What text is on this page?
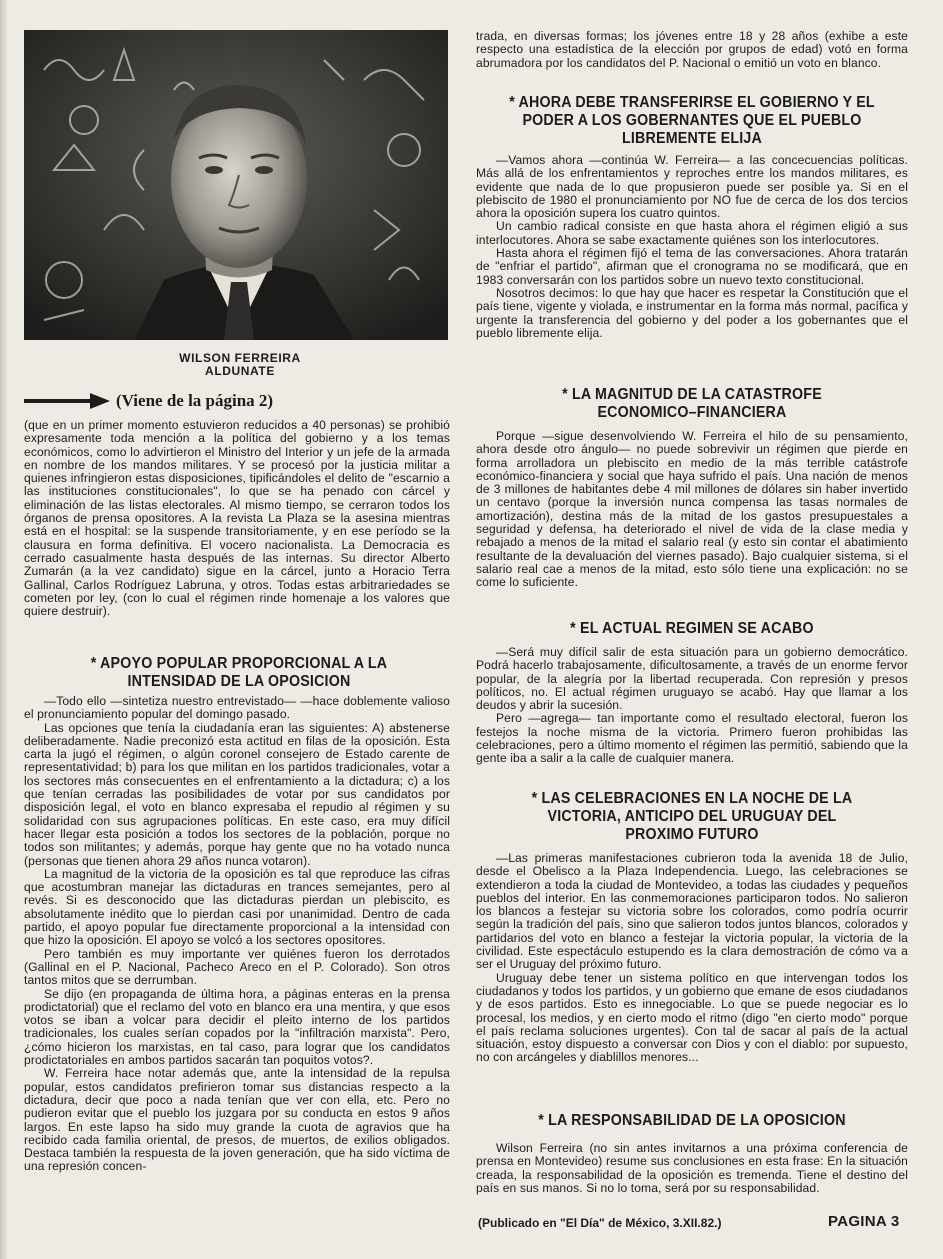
WILSON FERREIRA
ALDUNATE
(Viene de la página 2)

(que en un primer momento estuvieron reducidos a 40 personas) se prohibió expresamente toda mención a la política del gobierno y a los temas económicos, como lo advirtieron el Ministro del Interior y un jefe de la armada en nombre de los mandos militares. Y se procesó por la justicia militar a quienes infringieron estas disposiciones, tipificándoles el delito de "escarnio a las instituciones constitucionales", lo que se ha penado con cárcel y eliminación de las listas electorales. Al mismo tiempo, se cerraron todos los órganos de prensa opositores. A la revista La Plaza se la asesina mientras está en el hospital: se la suspende transitoriamente, y en ese período se la clausura en forma definitiva. El vocero nacionalista. La Democracia es cerrado casualmente hasta después de las internas. Su director Alberto Zumarán (a la vez candidato) sigue en la cárcel, junto a Horacio Terra Gallinal, Carlos Rodríguez Labruna, y otros. Todas estas arbitrariedades se cometen por ley, (con lo cual el régimen rinde homenaje a los valores que quiere destruir).

* APOYO POPULAR PROPORCIONAL A LA INTENSIDAD DE LA OPOSICION

—Todo ello —sintetiza nuestro entrevistado— —hace doblemente valioso el pronunciamiento popular del domingo pasado.

Las opciones que tenía la ciudadanía eran las siguientes: A) abstenerse deliberadamente. Nadie preconizó esta actitud en filas de la oposición. Esta carta la jugó el régimen, o algún coronel consejero de Estado carente de representatividad; b) para los que militan en los partidos tradicionales, votar a los sectores más consecuentes en el enfrentamiento a la dictadura; c) a los que tenían cerradas las posibilidades de votar por sus candidatos por disposición legal, el voto en blanco expresaba el repudio al régimen y su solidaridad con sus agrupaciones políticas. En este caso, era muy difícil hacer llegar esta posición a todos los sectores de la población, porque no todos son militantes; y además, porque hay gente que no ha votado nunca (personas que tienen ahora 29 años nunca votaron).

La magnitud de la victoria de la oposición es tal que reproduce las cifras que acostumbran manejar las dictaduras en trances semejantes, pero al revés. Si es desconocido que las dictaduras pierdan un plebiscito, es absolutamente inédito que lo pierdan casi por unanimidad. Dentro de cada partido, el apoyo popular fue directamente proporcional a la intensidad con que hizo la oposición. El apoyo se volcó a los sectores opositores.

Pero también es muy importante ver quiénes fueron los derrotados (Gallinal en el P. Nacional, Pacheco Areco en el P. Colorado). Son otros tantos mitos que se derrumban.

Se dijo (en propaganda de última hora, a páginas enteras en la prensa prodictatorial) que el reclamo del voto en blanco era una mentira, y que esos votos se iban a volcar para decidir el pleito interno de los partidos tradicionales, los cuales serían copados por la "infiltración marxista". Pero, ¿cómo hicieron los marxistas, en tal caso, para lograr que los candidatos prodictatoriales en ambos partidos sacarán tan poquitos votos?.

W. Ferreira hace notar además que, ante la intensidad de la repulsa popular, estos candidatos prefirieron tomar sus distancias respecto a la dictadura, decir que poco a nada tenían que ver con ella, etc. Pero no pudieron evitar que el pueblo los juzgara por su conducta en estos 9 años largos. En este lapso ha sido muy grande la cuota de agravios que ha recibido cada familia oriental, de presos, de muertos, de exilios obligados. Destaca también la respuesta de la joven generación, que ha sido víctima de una represión concen-

trada, en diversas formas; los jóvenes entre 18 y 28 años (exhibe a este respecto una estadística de la elección por grupos de edad) votó en forma abrumadora por los candidatos del P. Nacional o emitió un voto en blanco.

* AHORA DEBE TRANSFERIRSE EL GOBIERNO Y EL PODER A LOS GOBERNANTES QUE EL PUEBLO LIBREMENTE ELIJA

—Vamos ahora —continúa W. Ferreira— a las concecuencias políticas. Más allá de los enfrentamientos y reproches entre los mandos militares, es evidente que nada de lo que propusieron puede ser posible ya. Si en el plebiscito de 1980 el pronunciamiento por NO fue de cerca de los dos tercios ahora la oposición supera los cuatro quintos.

Un cambio radical consiste en que hasta ahora el régimen eligió a sus interlocutores. Ahora se sabe exactamente quiénes son los interlocutores.

Hasta ahora el régimen fijó el tema de las conversaciones. Ahora tratarán de "enfriar el partido", afirman que el cronograma no se modificará, que en 1983 conversarán con los partidos sobre un nuevo texto constitucional.

Nosotros decimos: lo que hay que hacer es respetar la Constitución que el país tiene, vigente y violada, e instrumentar en la forma más normal, pacífica y urgente la transferencia del gobierno y del poder a los gobernantes que el pueblo libremente elija.

* LA MAGNITUD DE LA CATASTROFE ECONOMICO–FINANCIERA

Porque —sigue desenvolviendo W. Ferreira el hilo de su pensamiento, ahora desde otro ángulo— no puede sobrevivir un régimen que pierde en forma arrolladora un plebiscito en medio de la más terrible catástrofe económico-financiera y social que haya sufrido el país. Una nación de menos de 3 millones de habitantes debe 4 mil millones de dólares sin haber invertido un centavo (porque la inversión nunca compensa las tasas normales de amortización), destina más de la mitad de los gastos presupuestales a seguridad y defensa, ha deteriorado el nivel de vida de la clase media y rebajado a menos de la mitad el salario real (y esto sin contar el abatimiento resultante de la devaluación del viernes pasado). Bajo cualquier sistema, si el salario real cae a menos de la mitad, esto sólo tiene una explicación: no se come lo suficiente.

* EL ACTUAL REGIMEN SE ACABO

—Será muy difícil salir de esta situación para un gobierno democrático. Podrá hacerlo trabajosamente, dificultosamente, a través de un enorme fervor popular, de la alegría por la libertad recuperada. Con represión y presos políticos, no. El actual régimen uruguayo se acabó. Hay que llamar a los deudos y abrir la sucesión.

Pero —agrega— tan importante como el resultado electoral, fueron los festejos la noche misma de la victoria. Primero fueron prohibidas las celebraciones, pero a último momento el régimen las permitió, sabiendo que la gente iba a salir a la calle de cualquier manera.

* LAS CELEBRACIONES EN LA NOCHE DE LA VICTORIA, ANTICIPO DEL URUGUAY DEL PROXIMO FUTURO

—Las primeras manifestaciones cubrieron toda la avenida 18 de Julio, desde el Obelisco a la Plaza Independencia. Luego, las celebraciones se extendieron a toda la ciudad de Montevideo, a todas las ciudades y pequeños pueblos del interior. En las conmemoraciones participaron todos. No salieron los blancos a festejar su victoria sobre los colorados, como podría ocurrir según la tradición del país, sino que salieron todos juntos blancos, colorados y partidarios del voto en blanco a festejar la victoria popular, la victoria de la civilidad. Este espectáculo estupendo es la clara demostración de cómo va a ser el Uruguay del próximo futuro.

Uruguay debe tener un sistema político en que intervengan todos los ciudadanos y todos los partidos, y un gobierno que emane de esos ciudadanos y de esos partidos. Esto es innegociable. Lo que se puede negociar es lo procesal, los medios, y en cierto modo el ritmo (digo "en cierto modo" porque el país reclama soluciones urgentes). Con tal de sacar al país de la actual situación, estoy dispuesto a conversar con Dios y con el diablo: por supuesto, no con arcángeles y diablillos menores...

* LA RESPONSABILIDAD DE LA OPOSICION

Wilson Ferreira (no sin antes invitarnos a una próxima conferencia de prensa en Montevideo) resume sus conclusiones en esta frase: En la situación creada, la responsabilidad de la oposición es tremenda. Tiene el destino del país en sus manos. Si no lo toma, será por su responsabilidad.

(Publicado en "El Día" de México, 3.XII.82.)	PAGINA 3
